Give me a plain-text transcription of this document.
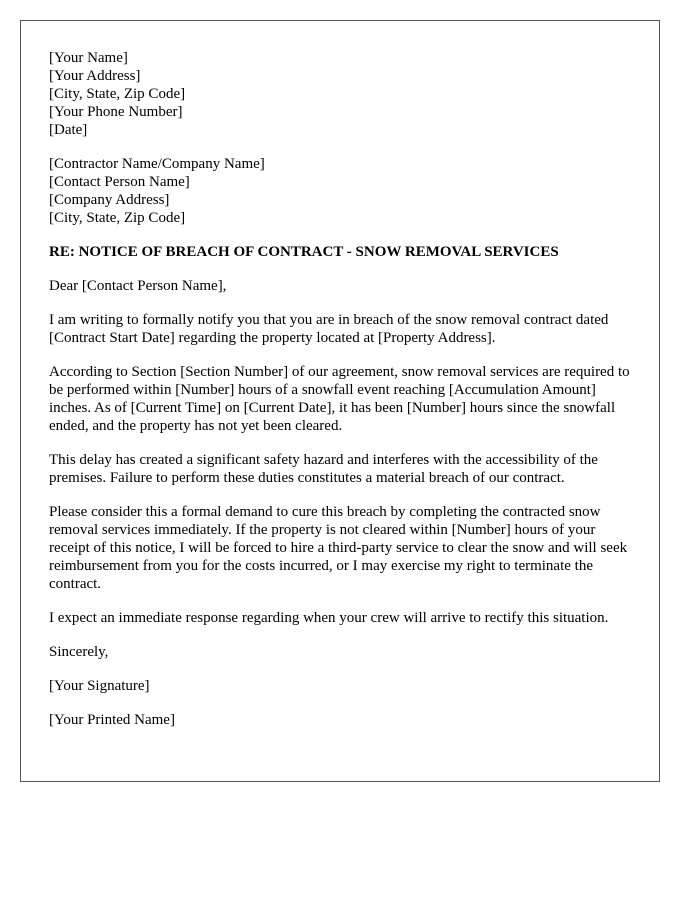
[Your Name]
[Your Address]
[City, State, Zip Code]
[Your Phone Number]
[Date]
[Contractor Name/Company Name]
[Contact Person Name]
[Company Address]
[City, State, Zip Code]
RE: NOTICE OF BREACH OF CONTRACT - SNOW REMOVAL SERVICES

Dear [Contact Person Name],

I am writing to formally notify you that you are in breach of the snow removal contract dated [Contract Start Date] regarding the property located at [Property Address].

According to Section [Section Number] of our agreement, snow removal services are required to be performed within [Number] hours of a snowfall event reaching [Accumulation Amount] inches. As of [Current Time] on [Current Date], it has been [Number] hours since the snowfall ended, and the property has not yet been cleared.

This delay has created a significant safety hazard and interferes with the accessibility of the premises. Failure to perform these duties constitutes a material breach of our contract.

Please consider this a formal demand to cure this breach by completing the contracted snow removal services immediately. If the property is not cleared within [Number] hours of your receipt of this notice, I will be forced to hire a third-party service to clear the snow and will seek reimbursement from you for the costs incurred, or I may exercise my right to terminate the contract.

I expect an immediate response regarding when your crew will arrive to rectify this situation.

Sincerely,

[Your Signature]

[Your Printed Name]
